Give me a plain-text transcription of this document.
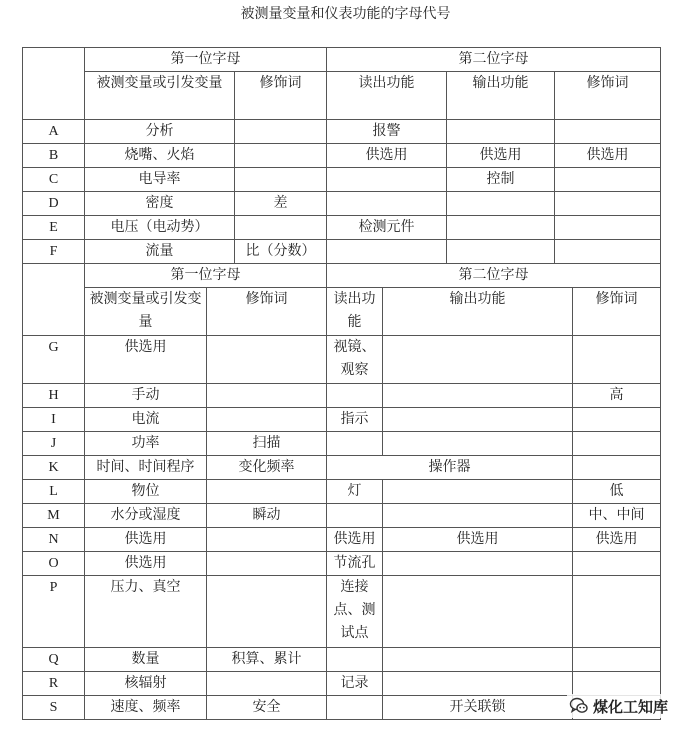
被测量变量和仪表功能的字母代号
	第一位字母		第二位字母		
	被测变量或引发变量	修饰词	读出功能	输出功能	修饰词
A	分析		报警		
B	烧嘴、火焰		供选用	供选用	供选用
C	电导率			控制	
D	密度	差			
E	电压（电动势）		检测元件		
F	流量	比（分数）			
	第一位字母		第二位字母		
	被测变量或引发变量	修饰词	读出功能	输出功能	修饰词
G	供选用		视镜、观察		
H	手动				高
I	电流		指示		
J	功率	扫描			
K	时间、时间程序	变化频率	操作器		
L	物位		灯		低
M	水分或湿度	瞬动			中、中间
N	供选用		供选用	供选用	供选用
O	供选用		节流孔		
P	压力、真空		连接点、测试点		
Q	数量	积算、累计			
R	核辐射		记录		
S	速度、频率	安全		开关联锁		煤化工知库
